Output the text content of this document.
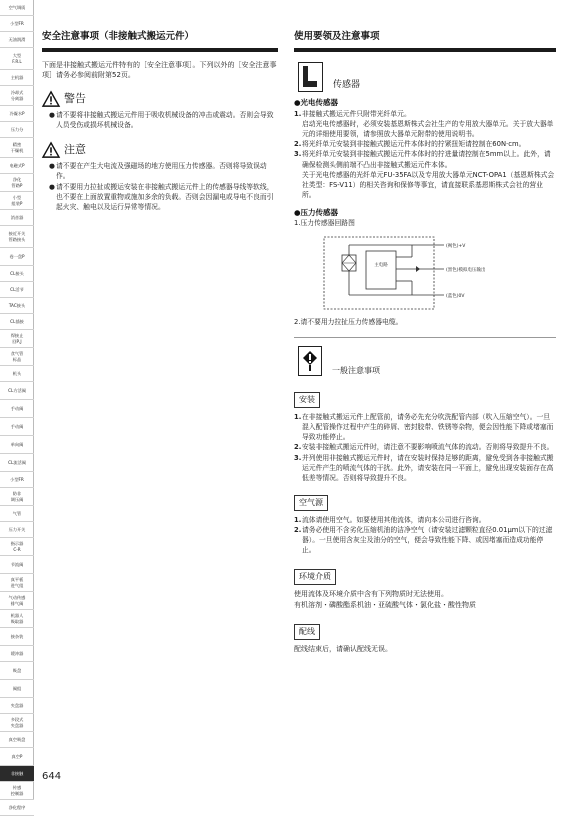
空气调质
小型FR
无油润滑
大型
F.R.L
主机器
冷却式
分离器
冷凝水P
压力分
精密
干燥机
电磁式P
净化
管路P
小型
组装P
消音器
接近开关
管路接头
卷一盘P
CL接头
CL活节
TAC接头
CL插接
焊接止
回P,J
食气管
标品
机头
CL方活阀
手动阀
手动阀
单向阀
CL流活阀
小型FR
防非
调压阀
气管
压力开关
指示器
C-R
节流阀
真平板
进气组
气动传感
排气阀
机器人
吸取器
接杂装
缓冲器
吸盘
阀组
夹盘器
多段式
夹盘器
真空吸盘
真空P
非接触
传感
控制器
净化程序
644
安全注意事项（非接触式搬运元件）

下面是非接触式搬运元件特有的［安全注意事项］。下列以外的［安全注意事项］请务必参阅前附第52页。

警告
● 请不要将非接触式搬运元件用于吸收机械设备的冲击或震动。否则会导致人员受伤或损坏机械设备。
注意
● 请不要在产生大电流及强磁场的地方使用压力传感器。否则将导致误动作。
● 请不要用力拉扯或搬运安装在非接触式搬运元件上的传感器导线等软线，也不要在上面放置重物或施加多余的负载。否则会因漏电或导电不良而引起火灾、触电以及运行异常等情况。
使用要领及注意事项
传感器
●光电传感器
1. 非接触式搬运元件只附带光纤单元。
启动光电传感器时，必须安装基恩斯株式会社生产的专用放大器单元。关于放大器单元的详细使用要领，请参照放大器单元附带的使用说明书。
2. 将光纤单元安装到非接触式搬运元件本体时的拧紧扭矩请控制在60N·cm。
3. 将光纤单元安装到非接触式搬运元件本体时的拧进量请控制在5mm以上。此外，请确保检测头侧前端不凸出非接触式搬运元件本体。
关于光电传感器的光纤单元FU-35FA以及专用放大器单元NCT-OPA1（基恩斯株式会社类型：FS-V11）的相关咨询和保修等事宜，请直接联系基恩斯株式会社的营业所。
●压力传感器
1.压力传感器回路图
主电路
(褐色)+V
(黑色)模拟电压输出
(蓝色)0V
2.请不要用力拉扯压力传感器电缆。
一般注意事项
安装
1. 在非接触式搬运元件上配管前，请务必先充分吹洗配管内部（吹入压缩空气）。一旦混入配管操作过程中产生的碎屑、密封胶带、铁锈等杂物，便会因性能下降或堵塞而导致功能停止。
2. 安装非接触式搬运元件时，请注意不要影响喷流气体的流动。否则将导致提升不良。
3. 并列使用非接触式搬运元件时，请在安装时保持足够的距离，避免受到各非接触式搬运元件产生的喷流气体的干扰。此外，请安装在同一平面上，避免出现安装面存在高低差等情况。否则将导致提升不良。
空气源
1. 流体请使用空气。如要使用其他流体，请向本公司进行咨询。
2. 请务必使用不含劣化压缩机油的洁净空气（请安装过滤颗粒直径0.01μm以下的过滤器）。一旦使用含灰尘及油分的空气，便会导致性能下降、或因堵塞而造成功能停止。
环境介质

使用流体及环境介质中含有下列物质时无法使用。
有机溶剂・磷酸酯系机油・亚硫酸气体・氯化盐・酸性物质

配线

配线结束后，请确认配线无误。
